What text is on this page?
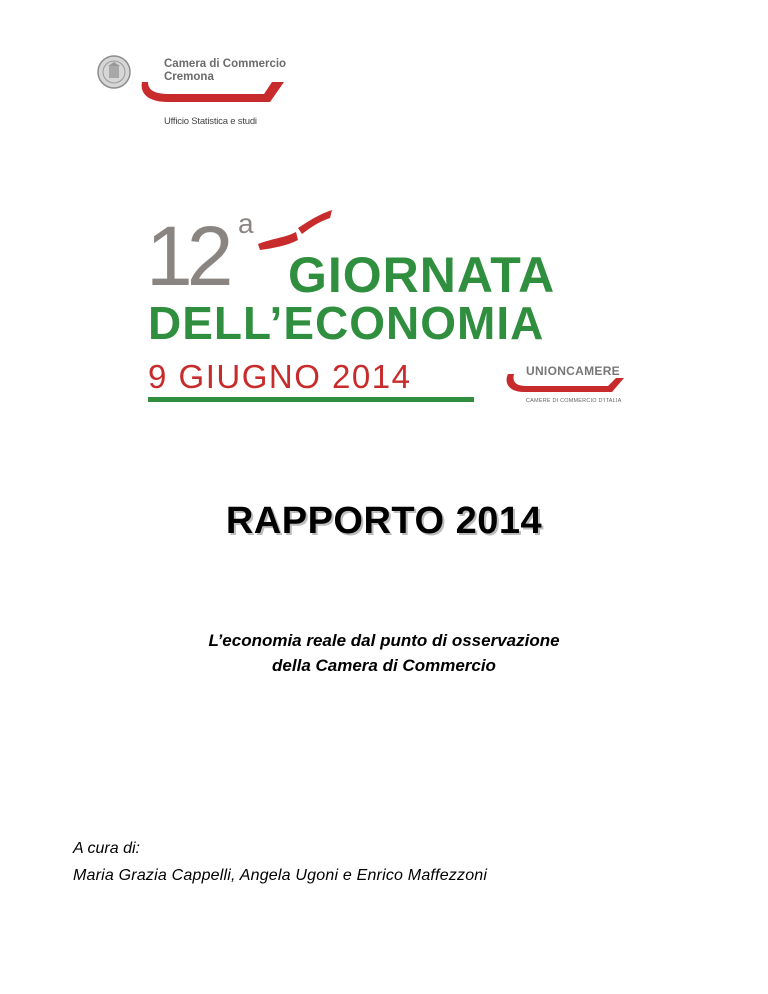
Camera di Commercio
Cremona
Ufficio Statistica e studi
12 a
GIORNATA
DELL’ECONOMIA
9 GIUGNO 2014	UNIONCAMERE
CAMERE DI COMMERCIO D'ITALIA
RAPPORTO 2014
L’economia reale dal punto di osservazione
della Camera di Commercio
A cura di:
Maria Grazia Cappelli, Angela Ugoni e Enrico Maffezzoni
